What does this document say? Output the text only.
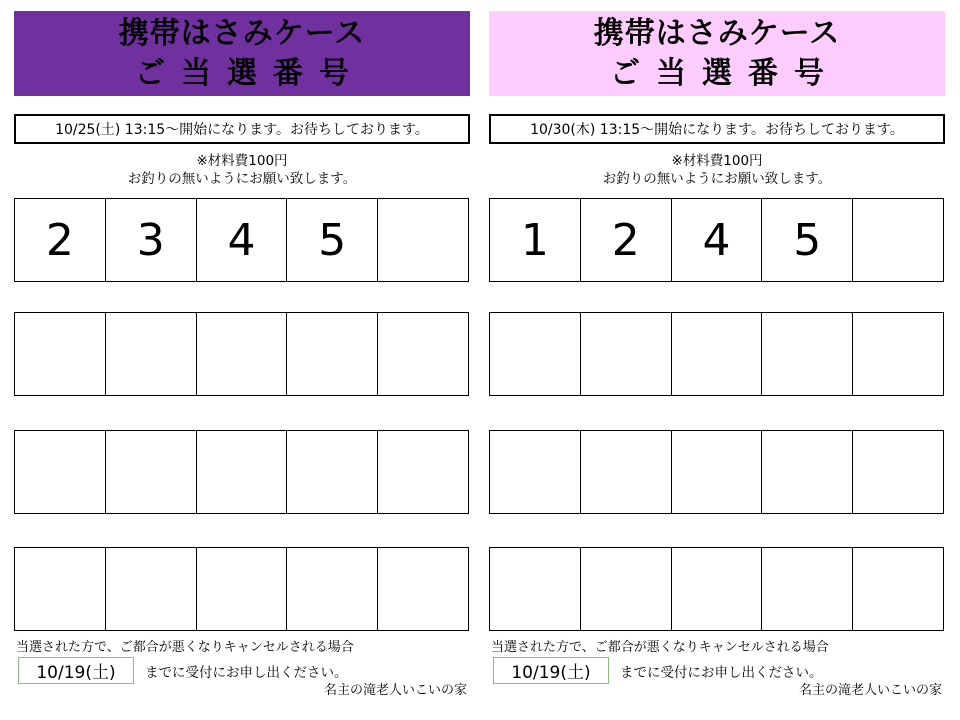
携帯はさみケース
ご当選番号
10/25(土) 13:15～開始になります。お待ちしております。
※材料費100円
お釣りの無いようにお願い致します。
2	3	4	5
当選された方で、ご都合が悪くなりキャンセルされる場合
10/19(土)	までに受付にお申し出ください。
名主の滝老人いこいの家
携帯はさみケース
ご当選番号
10/30(木) 13:15～開始になります。お待ちしております。
※材料費100円
お釣りの無いようにお願い致します。
1	2	4	5
当選された方で、ご都合が悪くなりキャンセルされる場合
10/19(土)	までに受付にお申し出ください。
名主の滝老人いこいの家
